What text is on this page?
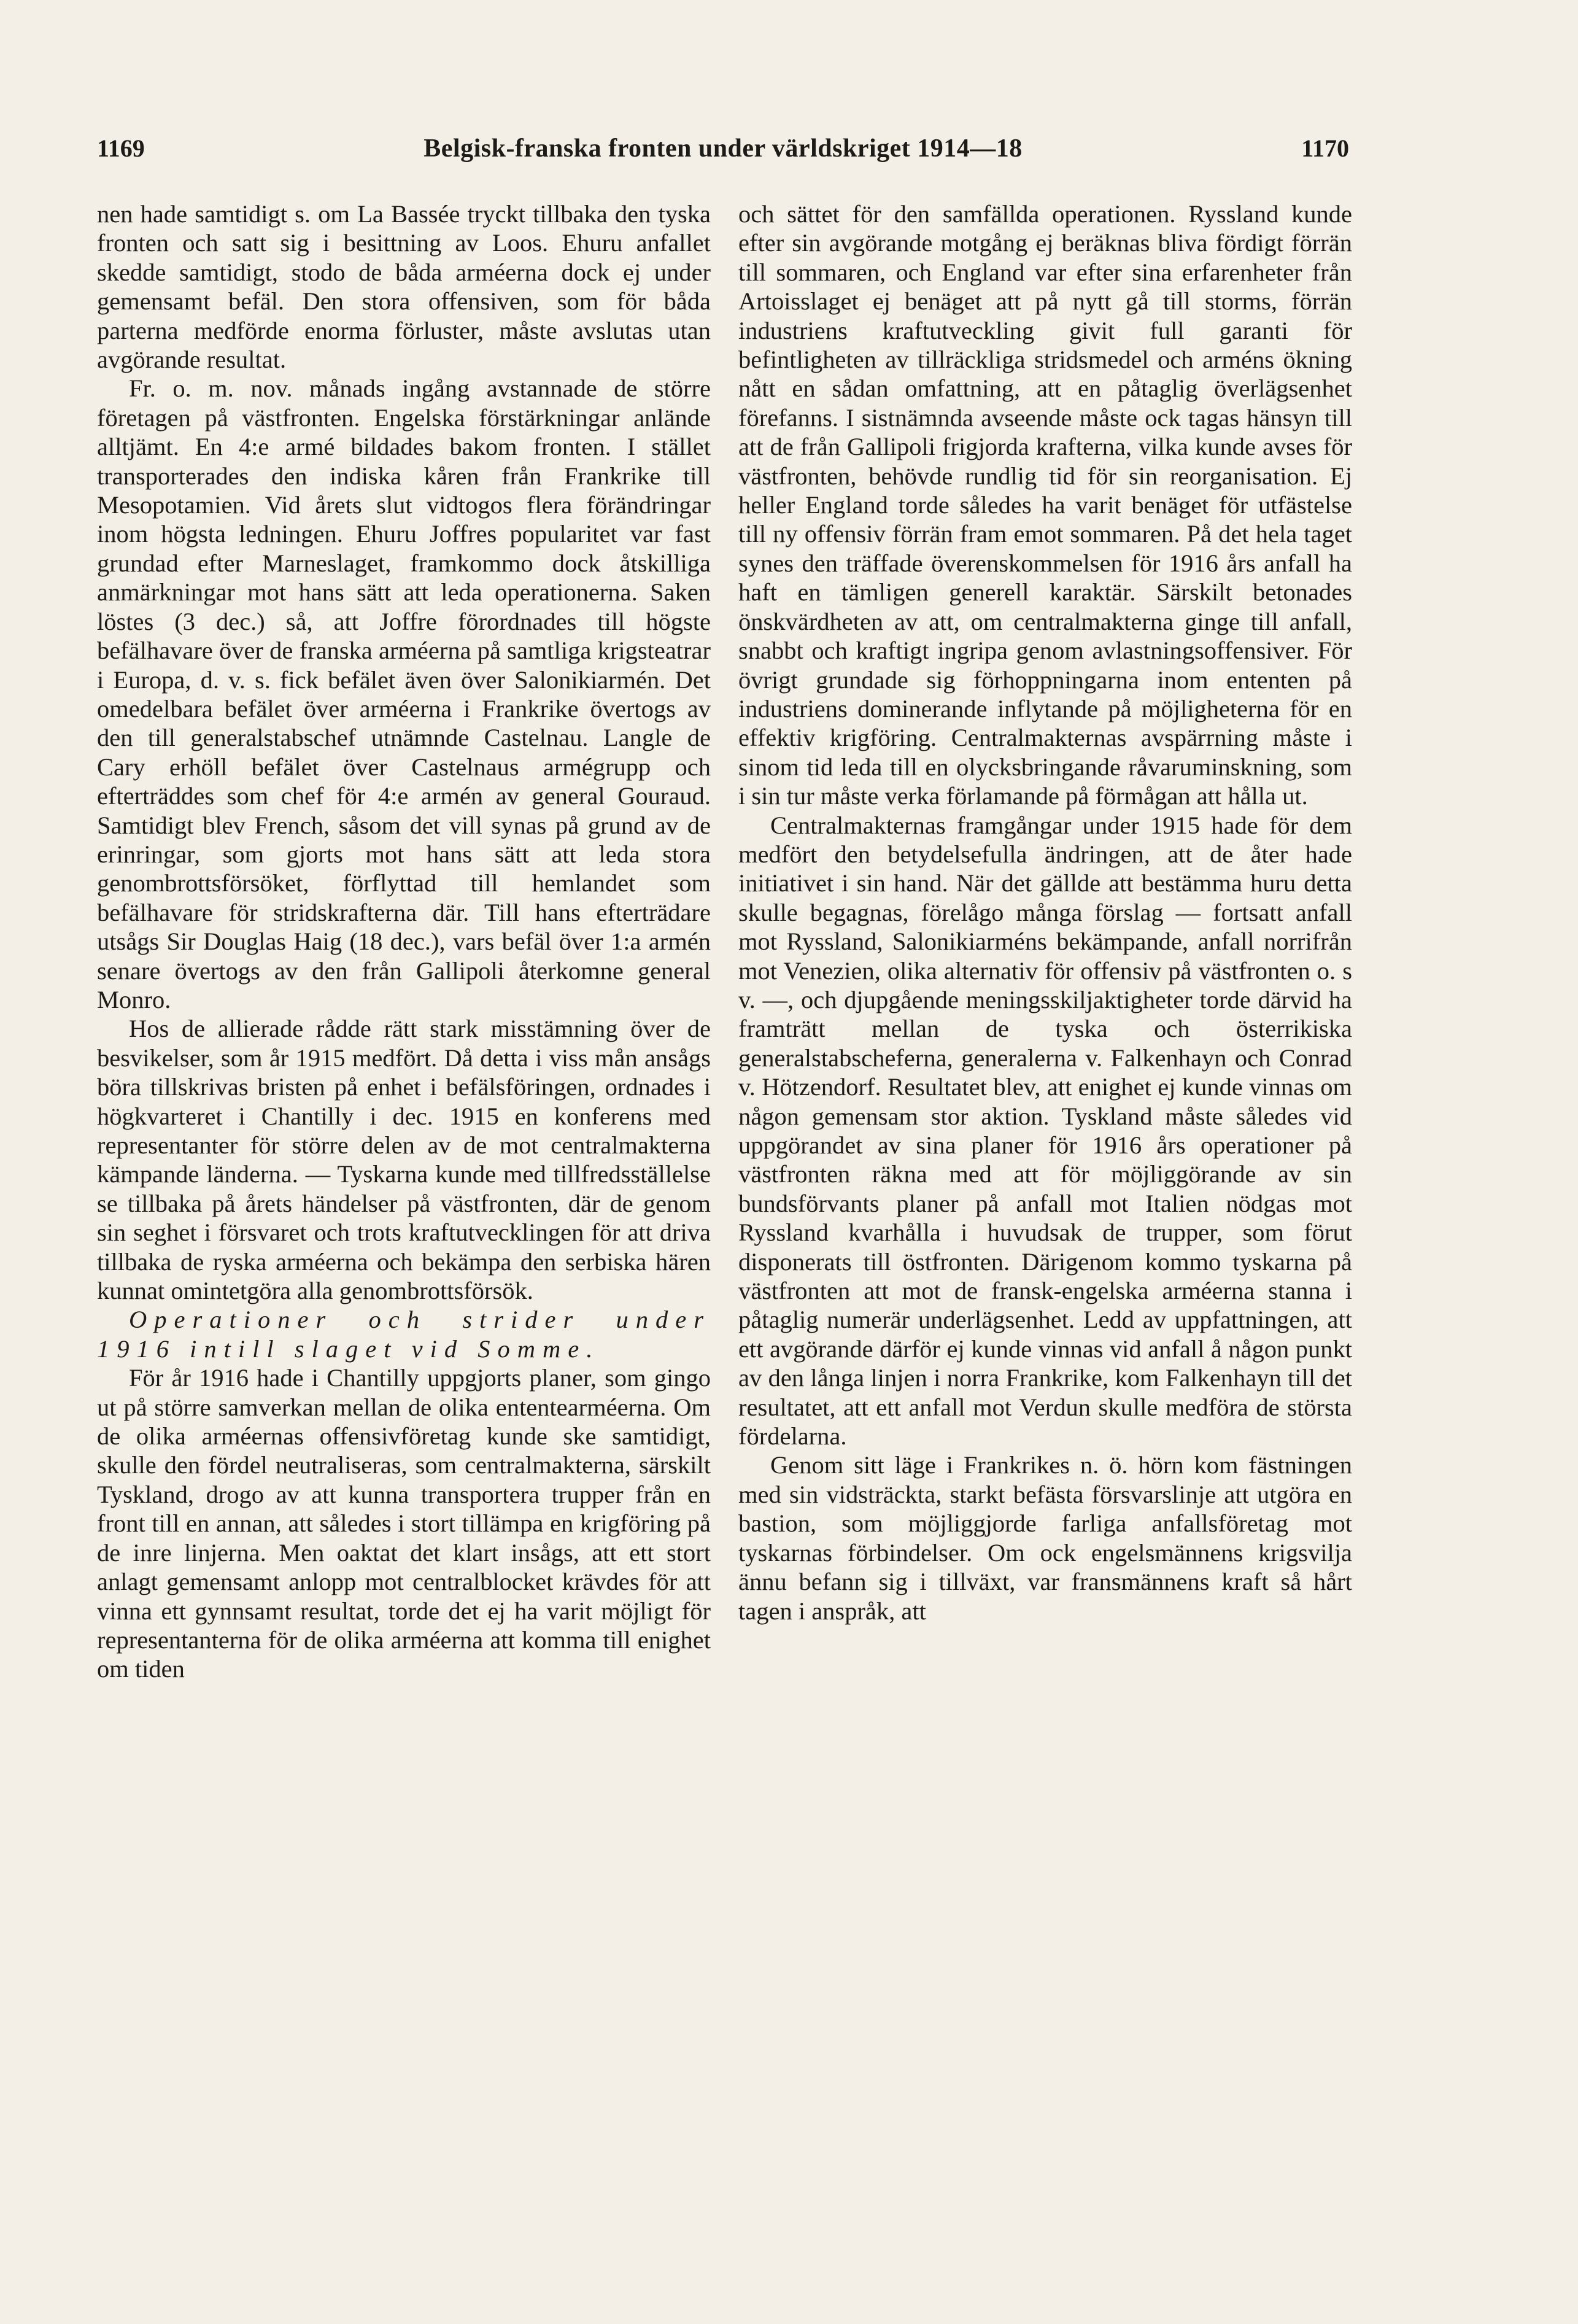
1169	Belgisk-franska fronten under världskriget 1914—18	1170

nen hade samtidigt s. om La Bassée tryckt tillbaka den tyska fronten och satt sig i besittning av Loos. Ehuru anfallet skedde samtidigt, stodo de båda arméerna dock ej under gemensamt befäl. Den stora offensiven, som för båda parterna medförde enorma förluster, måste avslutas utan avgörande resultat.

Fr. o. m. nov. månads ingång avstannade de större företagen på västfronten. Engelska förstärkningar anlände alltjämt. En 4:e armé bildades bakom fronten. I stället transporterades den indiska kåren från Frankrike till Mesopotamien. Vid årets slut vidtogos flera förändringar inom högsta ledningen. Ehuru Joffres popularitet var fast grundad efter Marneslaget, framkommo dock åtskilliga anmärkningar mot hans sätt att leda operationerna. Saken löstes (3 dec.) så, att Joffre förordnades till högste befälhavare över de franska arméerna på samtliga krigsteatrar i Europa, d. v. s. fick befälet även över Salonikiarmén. Det omedelbara befälet över arméerna i Frankrike övertogs av den till generalstabschef utnämnde Castelnau. Langle de Cary erhöll befälet över Castelnaus armégrupp och efterträddes som chef för 4:e armén av general Gouraud. Samtidigt blev French, såsom det vill synas på grund av de erinringar, som gjorts mot hans sätt att leda stora genombrottsförsöket, förflyttad till hemlandet som befälhavare för stridskrafterna där. Till hans efterträdare utsågs Sir Douglas Haig (18 dec.), vars befäl över 1:a armén senare övertogs av den från Gallipoli återkomne general Monro.

Hos de allierade rådde rätt stark misstämning över de besvikelser, som år 1915 medfört. Då detta i viss mån ansågs böra tillskrivas bristen på enhet i befälsföringen, ordnades i högkvarteret i Chantilly i dec. 1915 en konferens med representanter för större delen av de mot centralmakterna kämpande länderna. — Tyskarna kunde med tillfredsställelse se tillbaka på årets händelser på västfronten, där de genom sin seghet i försvaret och trots kraftutvecklingen för att driva tillbaka de ryska arméerna och bekämpa den serbiska hären kunnat omintetgöra alla genombrottsförsök.

Operationer och strider under 1916 intill slaget vid Somme.

För år 1916 hade i Chantilly uppgjorts planer, som gingo ut på större samverkan mellan de olika ententearméerna. Om de olika arméernas offensivföretag kunde ske samtidigt, skulle den fördel neutraliseras, som centralmakterna, särskilt Tyskland, drogo av att kunna transportera trupper från en front till en annan, att således i stort tillämpa en krigföring på de inre linjerna. Men oaktat det klart insågs, att ett stort anlagt gemensamt anlopp mot centralblocket krävdes för att vinna ett gynnsamt resultat, torde det ej ha varit möjligt för representanterna för de olika arméerna att komma till enighet om tiden

och sättet för den samfällda operationen. Ryssland kunde efter sin avgörande motgång ej beräknas bliva fördigt förrän till sommaren, och England var efter sina erfarenheter från Artoisslaget ej benäget att på nytt gå till storms, förrän industriens kraftutveckling givit full garanti för befintligheten av tillräckliga stridsmedel och arméns ökning nått en sådan omfattning, att en påtaglig överlägsenhet förefanns. I sistnämnda avseende måste ock tagas hänsyn till att de från Gallipoli frigjorda krafterna, vilka kunde avses för västfronten, behövde rundlig tid för sin reorganisation. Ej heller England torde således ha varit benäget för utfästelse till ny offensiv förrän fram emot sommaren. På det hela taget synes den träffade överenskommelsen för 1916 års anfall ha haft en tämligen generell karaktär. Särskilt betonades önskvärdheten av att, om centralmakterna ginge till anfall, snabbt och kraftigt ingripa genom avlastningsoffensiver. För övrigt grundade sig förhoppningarna inom ententen på industriens dominerande inflytande på möjligheterna för en effektiv krigföring. Centralmakternas avspärrning måste i sinom tid leda till en olycksbringande råvaruminskning, som i sin tur måste verka förlamande på förmågan att hålla ut.

Centralmakternas framgångar under 1915 hade för dem medfört den betydelsefulla ändringen, att de åter hade initiativet i sin hand. När det gällde att bestämma huru detta skulle begagnas, förelågo många förslag — fortsatt anfall mot Ryssland, Salonikiarméns bekämpande, anfall norrifrån mot Venezien, olika alternativ för offensiv på västfronten o. s v. —, och djupgående meningsskiljaktigheter torde därvid ha framträtt mellan de tyska och österrikiska generalstabscheferna, generalerna v. Falkenhayn och Conrad v. Hötzendorf. Resultatet blev, att enighet ej kunde vinnas om någon gemensam stor aktion. Tyskland måste således vid uppgörandet av sina planer för 1916 års operationer på västfronten räkna med att för möjliggörande av sin bundsförvants planer på anfall mot Italien nödgas mot Ryssland kvarhålla i huvudsak de trupper, som förut disponerats till östfronten. Därigenom kommo tyskarna på västfronten att mot de fransk-engelska arméerna stanna i påtaglig numerär underlägsenhet. Ledd av uppfattningen, att ett avgörande därför ej kunde vinnas vid anfall å någon punkt av den långa linjen i norra Frankrike, kom Falkenhayn till det resultatet, att ett anfall mot Verdun skulle medföra de största fördelarna.

Genom sitt läge i Frankrikes n. ö. hörn kom fästningen med sin vidsträckta, starkt befästa försvarslinje att utgöra en bastion, som möjliggjorde farliga anfallsföretag mot tyskarnas förbindelser. Om ock engelsmännens krigsvilja ännu befann sig i tillväxt, var fransmännens kraft så hårt tagen i anspråk, att
